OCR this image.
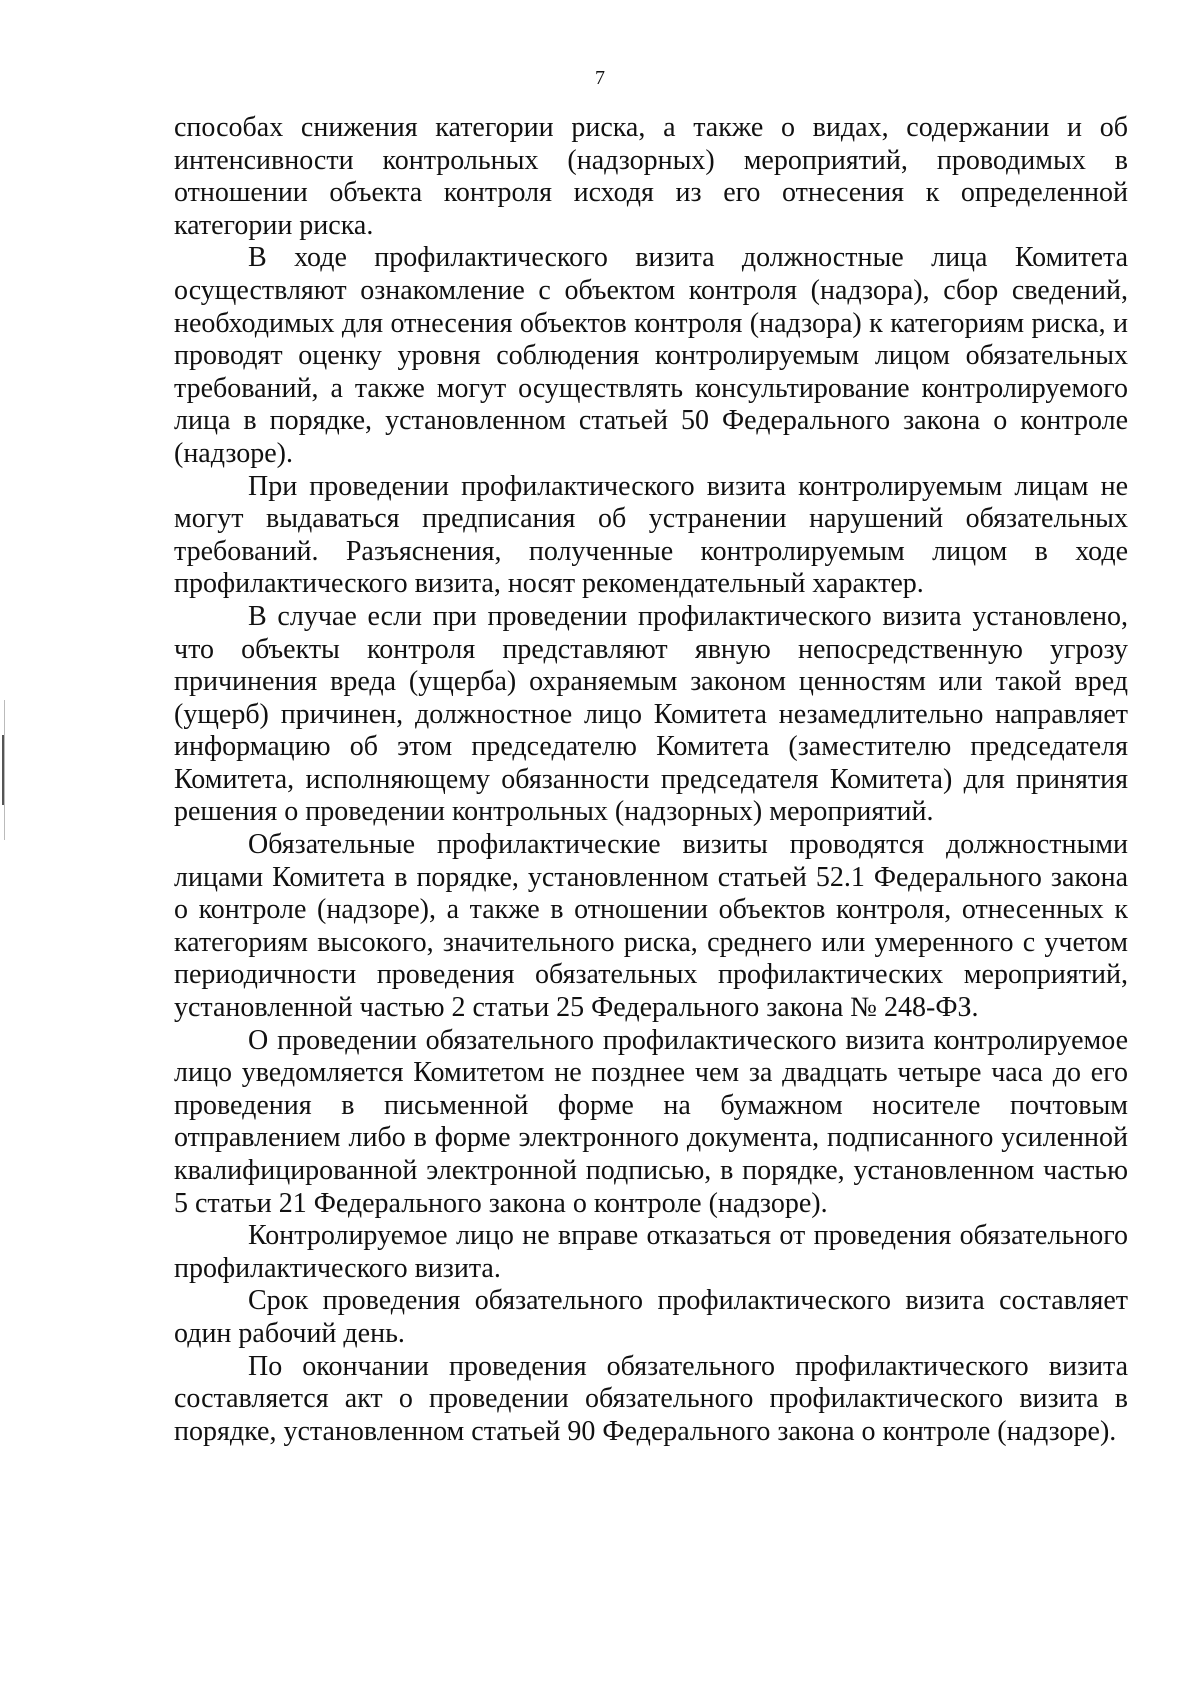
7

способах снижения категории риска, а также о видах, содержании и об интенсивности контрольных (надзорных) мероприятий, проводимых в отношении объекта контроля исходя из его отнесения к определенной категории риска.

В ходе профилактического визита должностные лица Комитета осуществляют ознакомление с объектом контроля (надзора), сбор сведений, необходимых для отнесения объектов контроля (надзора) к категориям риска, и проводят оценку уровня соблюдения контролируемым лицом обязательных требований, а также могут осуществлять консультирование контролируемого лица в порядке, установленном статьей 50 Федерального закона о контроле (надзоре).

При проведении профилактического визита контролируемым лицам не могут выдаваться предписания об устранении нарушений обязательных требований. Разъяснения, полученные контролируемым лицом в ходе профилактического визита, носят рекомендательный характер.

В случае если при проведении профилактического визита установлено, что объекты контроля представляют явную непосредственную угрозу причинения вреда (ущерба) охраняемым законом ценностям или такой вред (ущерб) причинен, должностное лицо Комитета незамедлительно направляет информацию об этом председателю Комитета (заместителю председателя Комитета, исполняющему обязанности председателя Комитета) для принятия решения о проведении контрольных (надзорных) мероприятий.

Обязательные профилактические визиты проводятся должностными лицами Комитета в порядке, установленном статьей 52.1 Федерального закона о контроле (надзоре), а также в отношении объектов контроля, отнесенных к категориям высокого, значительного риска, среднего или умеренного с учетом периодичности проведения обязательных профилактических мероприятий, установленной частью 2 статьи 25 Федерального закона № 248-ФЗ.

О проведении обязательного профилактического визита контролируемое лицо уведомляется Комитетом не позднее чем за двадцать четыре часа до его проведения в письменной форме на бумажном носителе почтовым отправлением либо в форме электронного документа, подписанного усиленной квалифицированной электронной подписью, в порядке, установленном частью 5 статьи 21 Федерального закона о контроле (надзоре).

Контролируемое лицо не вправе отказаться от проведения обязательного профилактического визита.

Срок проведения обязательного профилактического визита составляет один рабочий день.

По окончании проведения обязательного профилактического визита составляется акт о проведении обязательного профилактического визита в порядке, установленном статьей 90 Федерального закона о контроле (надзоре).
